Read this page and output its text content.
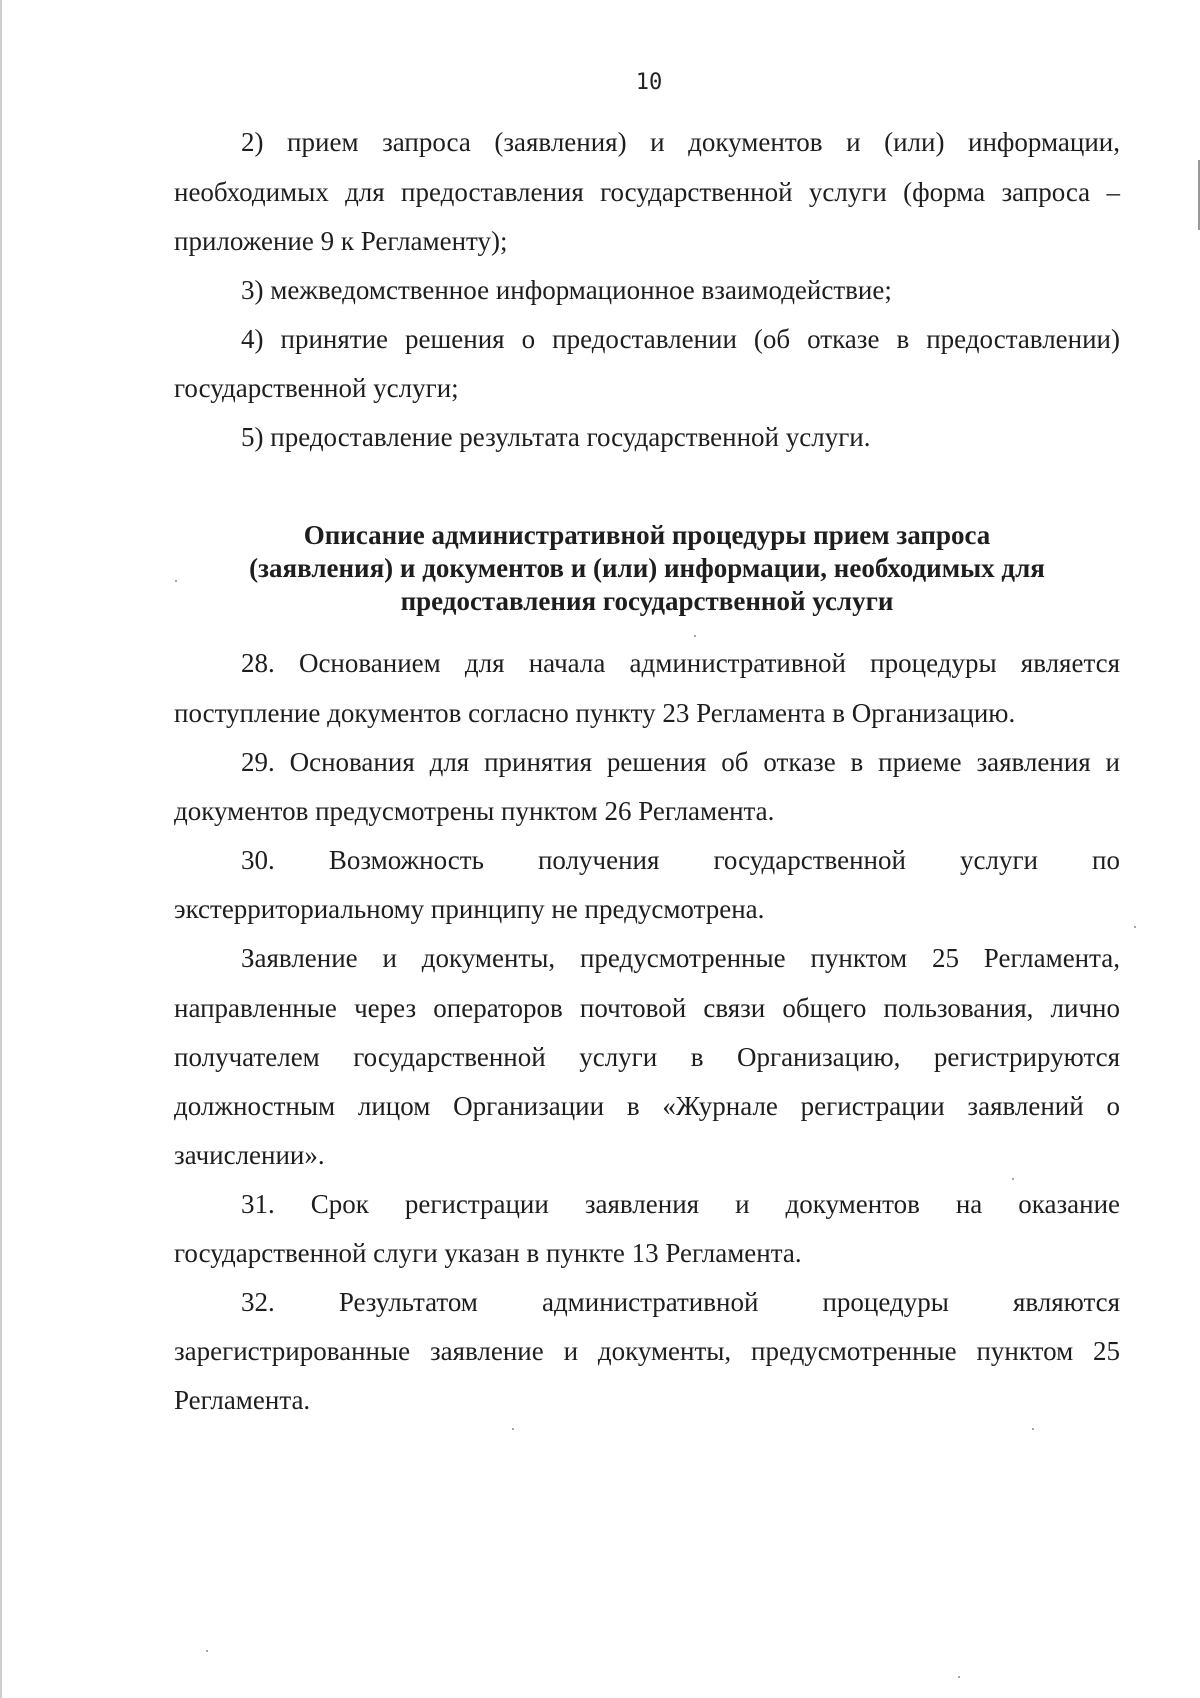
10
2) прием запроса (заявления) и документов и (или) информации,
необходимых для предоставления государственной услуги (форма запроса –
приложение 9 к Регламенту);
3) межведомственное информационное взаимодействие;
4) принятие решения о предоставлении (об отказе в предоставлении)
государственной услуги;
5) предоставление результата государственной услуги.
Описание административной процедуры прием запроса
(заявления) и документов и (или) информации, необходимых для
предоставления государственной услуги
28. Основанием для начала административной процедуры является
поступление документов согласно пункту 23 Регламента в Организацию.
29. Основания для принятия решения об отказе в приеме заявления и
документов предусмотрены пунктом 26 Регламента.
30. Возможность получения государственной услуги по
экстерриториальному принципу не предусмотрена.
Заявление и документы, предусмотренные пунктом 25 Регламента,
направленные через операторов почтовой связи общего пользования, лично
получателем государственной услуги в Организацию, регистрируются
должностным лицом Организации в «Журнале регистрации заявлений о
зачислении».
31. Срок регистрации заявления и документов на оказание
государственной слуги указан в пункте 13 Регламента.
32. Результатом административной процедуры являются
зарегистрированные заявление и документы, предусмотренные пунктом 25
Регламента.
